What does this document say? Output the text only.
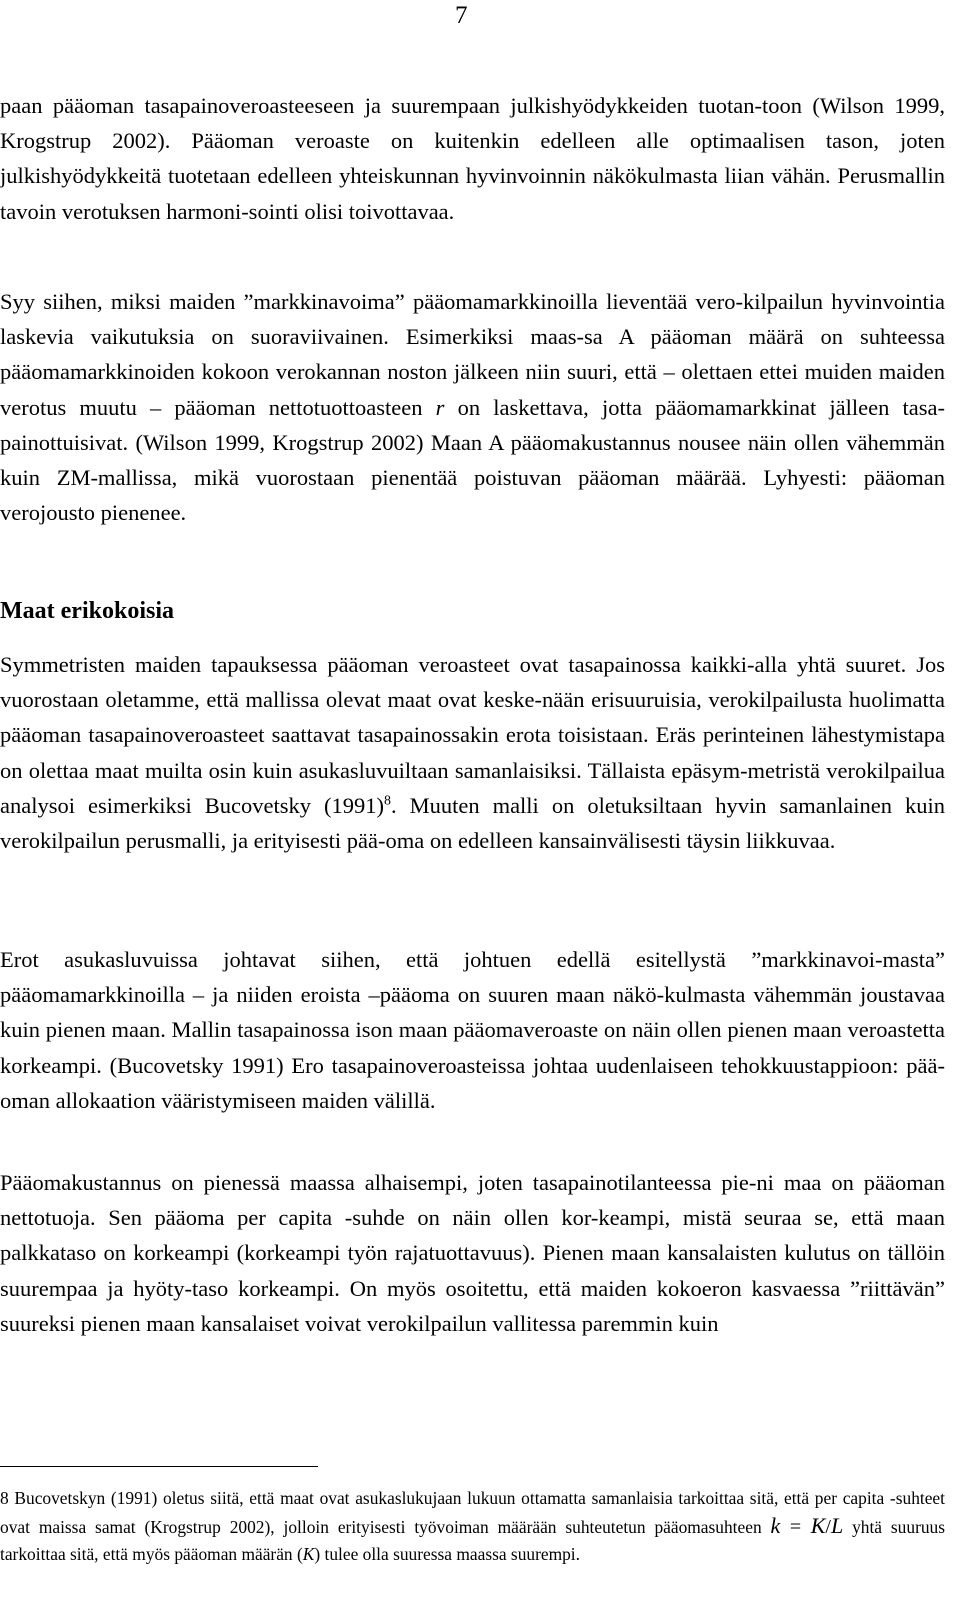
7
paan pääoman tasapainoveroasteeseen ja suurempaan julkishyödykkeiden tuotan-toon (Wilson 1999, Krogstrup 2002). Pääoman veroaste on kuitenkin edelleen alle optimaalisen tason, joten julkishyödykkeitä tuotetaan edelleen yhteiskunnan hyvinvoinnin näkökulmasta liian vähän. Perusmallin tavoin verotuksen harmoni-sointi olisi toivottavaa.
Syy siihen, miksi maiden ”markkinavoima” pääomamarkkinoilla lieventää vero-kilpailun hyvinvointia laskevia vaikutuksia on suoraviivainen. Esimerkiksi maas-sa A pääoman määrä on suhteessa pääomamarkkinoiden kokoon verokannan noston jälkeen niin suuri, että – olettaen ettei muiden maiden verotus muutu – pääoman nettotuottoasteen r on laskettava, jotta pääomamarkkinat jälleen tasa-painottuisivat. (Wilson 1999, Krogstrup 2002) Maan A pääomakustannus nousee näin ollen vähemmän kuin ZM-mallissa, mikä vuorostaan pienentää poistuvan pääoman määrää. Lyhyesti: pääoman verojousto pienenee.
Maat erikokoisia
Symmetristen maiden tapauksessa pääoman veroasteet ovat tasapainossa kaikki-alla yhtä suuret. Jos vuorostaan oletamme, että mallissa olevat maat ovat keske-nään erisuuruisia, verokilpailusta huolimatta pääoman tasapainoveroasteet saattavat tasapainossakin erota toisistaan. Eräs perinteinen lähestymistapa on olettaa maat muilta osin kuin asukasluvuiltaan samanlaisiksi. Tällaista epäsym-metristä verokilpailua analysoi esimerkiksi Bucovetsky $(1991)^8$. Muuten malli on oletuksiltaan hyvin samanlainen kuin verokilpailun perusmalli, ja erityisesti pää-oma on edelleen kansainvälisesti täysin liikkuvaa.
Erot asukasluvuissa johtavat siihen, että johtuen edellä esitellystä ”markkinavoi-masta” pääomamarkkinoilla – ja niiden eroista –pääoma on suuren maan näkö-kulmasta vähemmän joustavaa kuin pienen maan. Mallin tasapainossa ison maan pääomaveroaste on näin ollen pienen maan veroastetta korkeampi. (Bucovetsky 1991) Ero tasapainoveroasteissa johtaa uudenlaiseen tehokkuustappioon: pää-oman allokaation vääristymiseen maiden välillä.
Pääomakustannus on pienessä maassa alhaisempi, joten tasapainotilanteessa pie-ni maa on pääoman nettotuoja. Sen pääoma per capita -suhde on näin ollen kor-keampi, mistä seuraa se, että maan palkkataso on korkeampi (korkeampi työn rajatuottavuus). Pienen maan kansalaisten kulutus on tällöin suurempaa ja hyöty-taso korkeampi. On myös osoitettu, että maiden kokoeron kasvaessa ”riittävän” suureksi pienen maan kansalaiset voivat verokilpailun vallitessa paremmin kuin
8 Bucovetskyn (1991) oletus siitä, että maat ovat asukaslukujaan lukuun ottamatta samanlaisia tarkoittaa sitä, että per capita -suhteet ovat maissa samat (Krogstrup 2002), jolloin erityisesti työvoiman määrään suhteutetun pääomasuhteen k = K/L yhtä suuruus tarkoittaa sitä, että myös pääoman määrän (K) tulee olla suuressa maassa suurempi.
